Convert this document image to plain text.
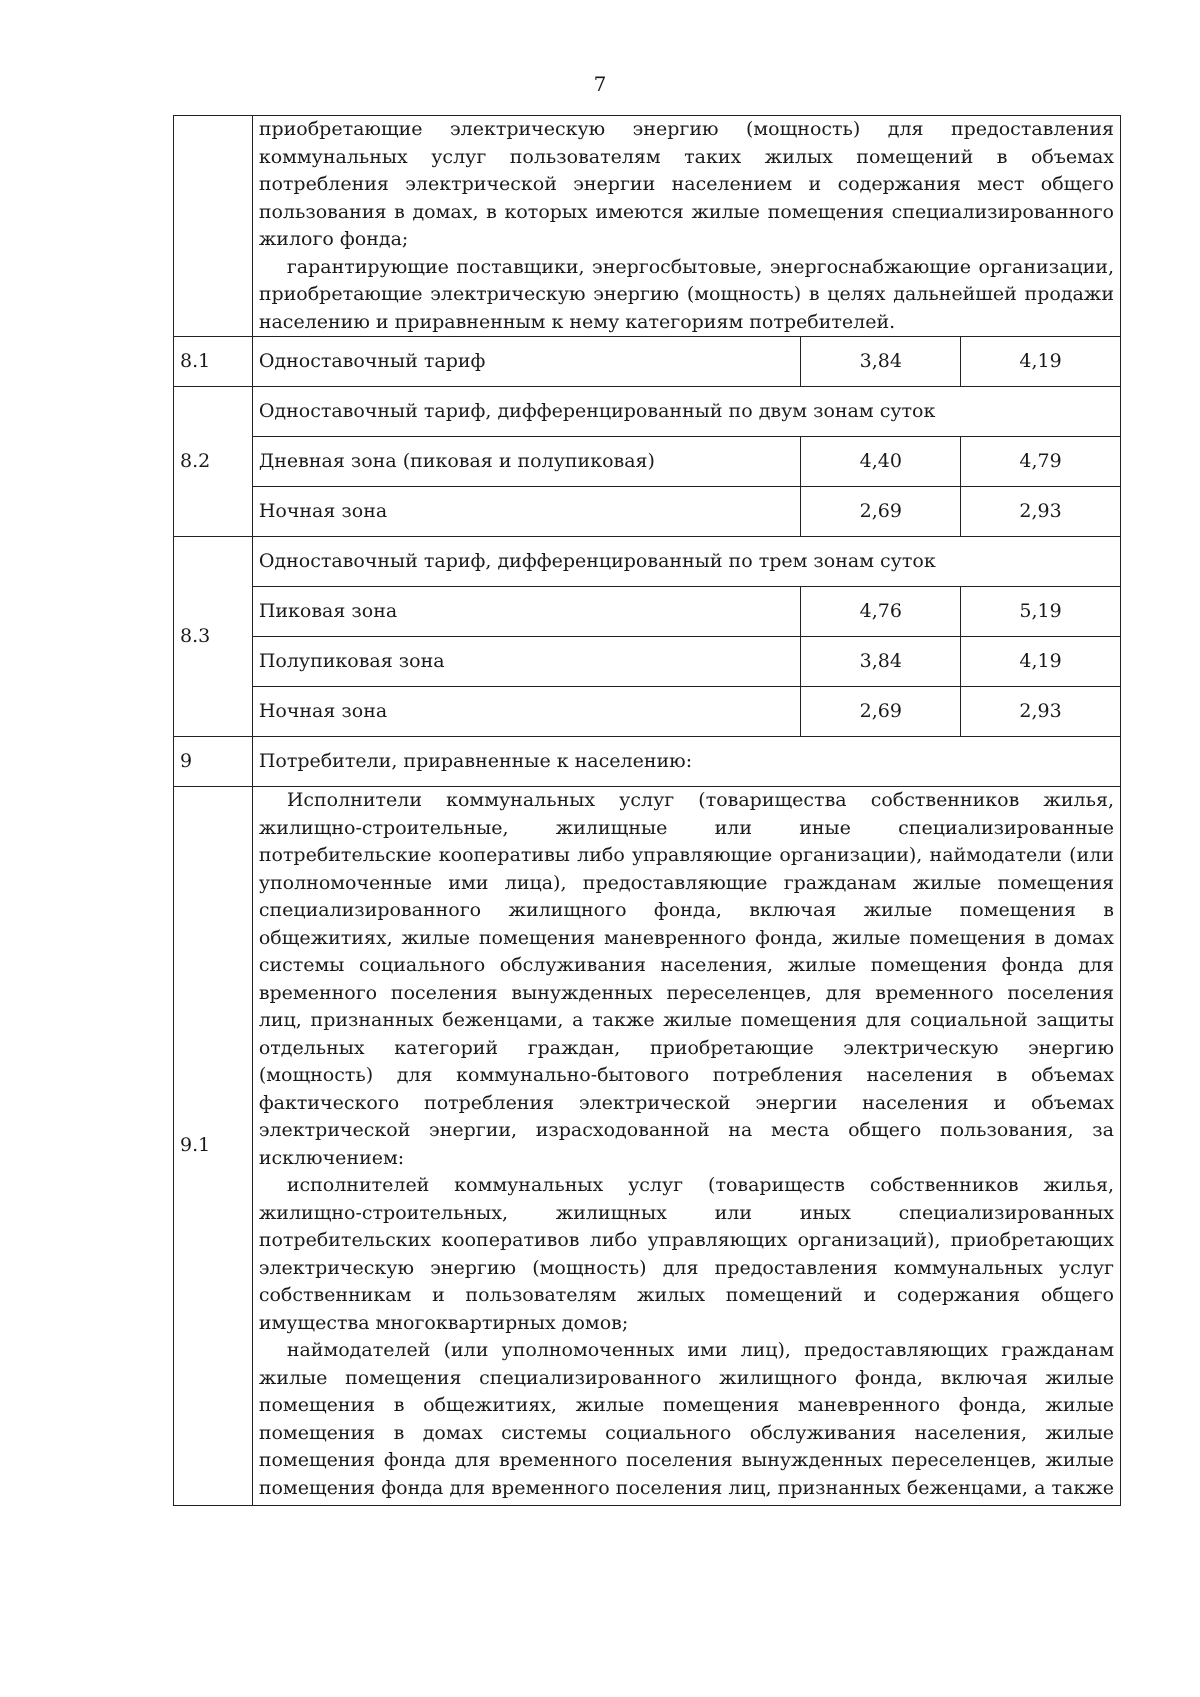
7

	приобретающие электрическую энергию (мощность) для предоставления коммунальных услуг пользователям таких жилых помещений в объемах потребления электрической энергии населением и содержания мест общего пользования в домах, в которых имеются жилые помещения специализированного жилого фонда;

гарантирующие поставщики, энергосбытовые, энергоснабжающие организации, приобретающие электрическую энергию (мощность) в целях дальнейшей продажи населению и приравненным к нему категориям потребителей.		

8.1	Одноставочный тариф	3,84	4,19
8.2	Одноставочный тариф, дифференцированный по двум зонам суток		
	Дневная зона (пиковая и полупиковая)	4,40	4,79
	Ночная зона	2,69	2,93
8.3	Одноставочный тариф, дифференцированный по трем зонам суток		
	Пиковая зона	4,76	5,19
	Полупиковая зона	3,84	4,19
	Ночная зона	2,69	2,93
9	Потребители, приравненные к населению:		
9.1	Исполнители коммунальных услуг (товарищества собственников жилья, жилищно-строительные, жилищные или иные специализированные потребительские кооперативы либо управляющие организации), наймодатели (или уполномоченные ими лица), предоставляющие гражданам жилые помещения специализированного жилищного фонда, включая жилые помещения в общежитиях, жилые помещения маневренного фонда, жилые помещения в домах системы социального обслуживания населения, жилые помещения фонда для временного поселения вынужденных переселенцев, для временного поселения лиц, признанных беженцами, а также жилые помещения для социальной защиты отдельных категорий граждан, приобретающие электрическую энергию (мощность) для коммунально-бытового потребления населения в объемах фактического потребления электрической энергии населения и объемах электрической энергии, израсходованной на места общего пользования, за исключением:

исполнителей коммунальных услуг (товариществ собственников жилья, жилищно-строительных, жилищных или иных специализированных потребительских кооперативов либо управляющих организаций), приобретающих электрическую энергию (мощность) для предоставления коммунальных услуг собственникам и пользователям жилых помещений и содержания общего имущества многоквартирных домов;

наймодателей (или уполномоченных ими лиц), предоставляющих гражданам жилые помещения специализированного жилищного фонда, включая жилые помещения в общежитиях, жилые помещения маневренного фонда, жилые помещения в домах системы социального обслуживания населения, жилые помещения фонда для временного поселения вынужденных переселенцев, жилые помещения фонда для временного поселения лиц, признанных беженцами, а также		
